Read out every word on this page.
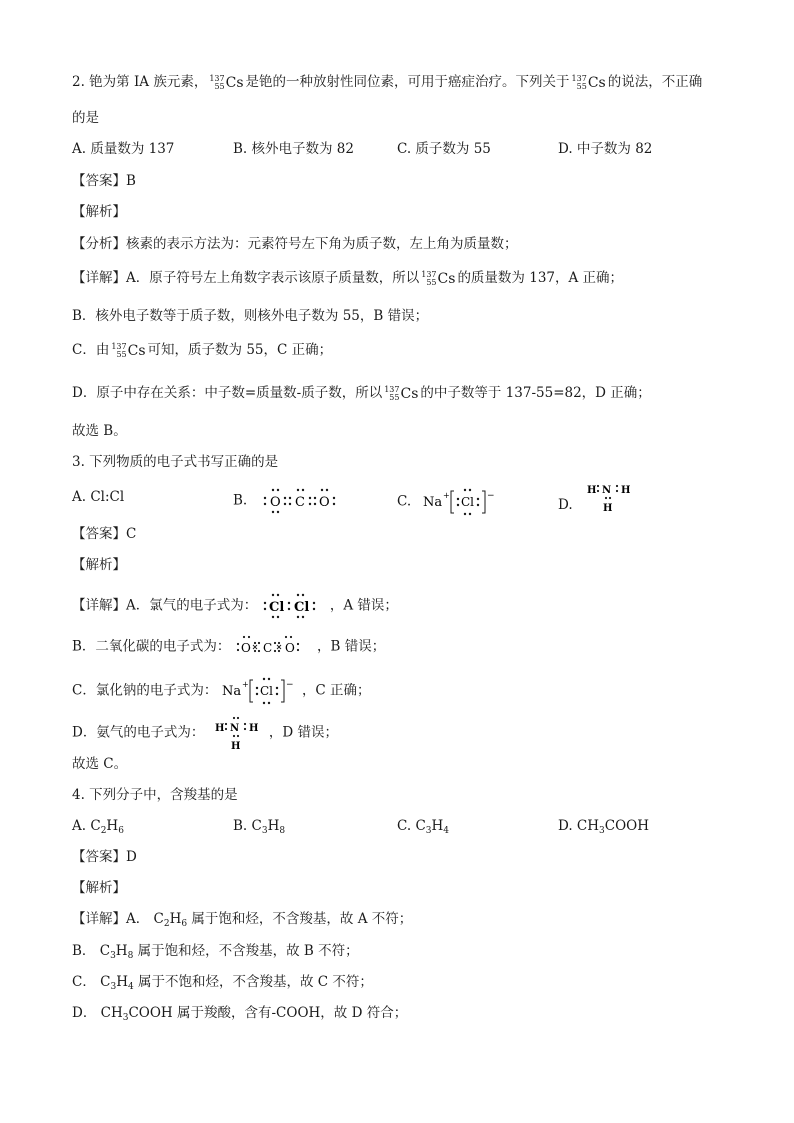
2. 铯为第 IA 族元素， 137
55 Cs 是铯的一种放射性同位素，可用于癌症治疗。下列关于 137
55 Cs 的说法，不正确
的是
A. 质量数为 137	B. 核外电子数为 82	C. 质子数为 55	D. 中子数为 82
【答案】B
【解析】
【分析】核素的表示方法为：元素符号左下角为质子数，左上角为质量数；
【详解】A．原子符号左上角数字表示该原子质量数，所以 137
55 Cs 的质量数为 137，A 正确；
B．核外电子数等于质子数，则核外电子数为 55，B 错误；
C．由 137
55 Cs 可知，质子数为 55，C 正确；
D．原子中存在关系：中子数=质量数-质子数，所以 137
55 Cs 的中子数等于 137-55=82，D 正确；
故选 B。
3. 下列物质的电子式书写正确的是
A. Cl:Cl	B. O C O	C. Na + Cl −
D.
H N H
H
【答案】C
【解析】
【详解】A．氯气的电子式为： Cl Cl ，A 错误；
B．二氧化碳的电子式为： O C O ，B 错误；
C．氯化钠的电子式为： Na + Cl − ，C 正确；
D．氨气的电子式为： H N H
H
，D 错误；
故选 C。
4. 下列分子中，含羧基的是
A. $C_2H_6$	B. $C_3H_8$	C. $C_3H_4$	D. $CH_3COOH$
【答案】D
【解析】
【详解】A． $C_2H_6$ 属于饱和烃，不含羧基，故 A 不符；
B． $C_3H_8$ 属于饱和烃，不含羧基，故 B 不符；
C． $C_3H_4$ 属于不饱和烃，不含羧基，故 C 不符；
D． $CH_3COOH$ 属于羧酸，含有-COOH，故 D 符合；
